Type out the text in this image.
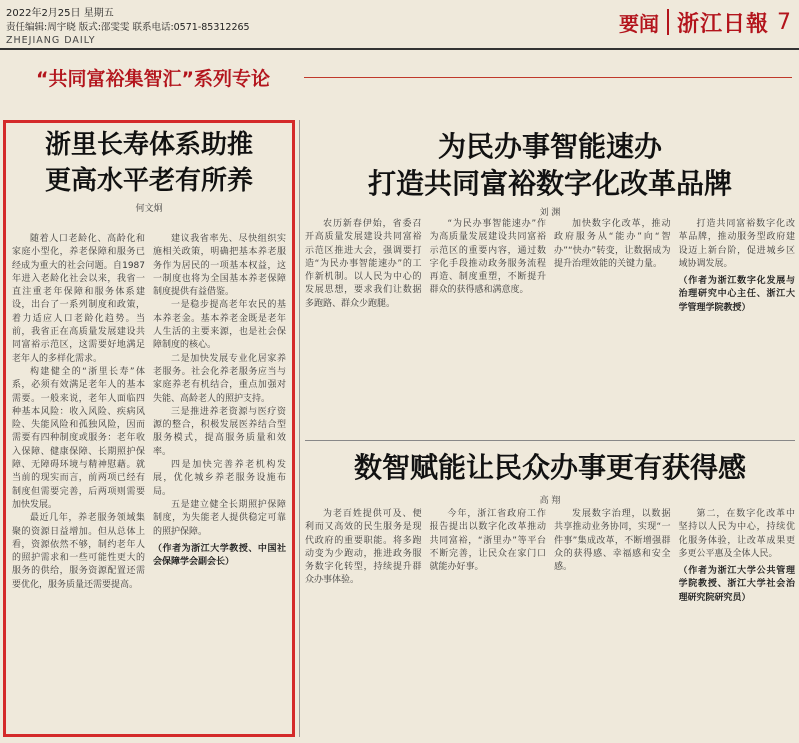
2022年2月25日 星期五
责任编辑:周宇晓 版式:邵雯雯 联系电话:0571-85312265
ZHEJIANG DAILY
要闻 浙江日報 7
“共同富裕集智汇”系列专论
浙里长寿体系助推
更高水平老有所养
何文炯

随着人口老龄化、高龄化和家庭小型化，养老保障和服务已经成为重大的社会问题。自1987年进入老龄化社会以来，我省一直注重老年保障和服务体系建设，出台了一系列制度和政策，着力适应人口老龄化趋势。当前，我省正在高质量发展建设共同富裕示范区，这需要好地满足老年人的多样化需求。

构建健全的“浙里长寿”体系，必须有效满足老年人的基本需要。一般来说，老年人面临四种基本风险：收入风险、疾病风险、失能风险和孤独风险，因而需要有四种制度或服务：老年收入保障、健康保障、长期照护保障、无障碍环境与精神慰藉。就当前的现实而言，前两项已经有制度但需要完善，后两项则需要加快发展。

最近几年，养老服务领域集聚的资源日益增加。但从总体上看，资源依然不够，制约老年人的照护需求和一些可能性更大的服务的供给，服务资源配置还需要优化，服务质量还需要提高。

建议我省率先、尽快组织实施相关政策，明确把基本养老服务作为居民的一项基本权益，这一制度也将为全国基本养老保障制度提供有益借鉴。

一是稳步提高老年农民的基本养老金。基本养老金既是老年人生活的主要来源，也是社会保障制度的核心。

二是加快发展专业化居家养老服务。社会化养老服务应当与家庭养老有机结合，重点加强对失能、高龄老人的照护支持。

三是推进养老资源与医疗资源的整合，积极发展医养结合型服务模式，提高服务质量和效率。

四是加快完善养老机构发展，优化城乡养老服务设施布局。

五是建立健全长期照护保障制度，为失能老人提供稳定可靠的照护保障。

（作者为浙江大学教授、中国社会保障学会副会长）

为民办事智能速办
打造共同富裕数字化改革品牌
刘 渊

农历新春伊始，省委召开高质量发展建设共同富裕示范区推进大会，强调要打造“为民办事智能速办”的工作新机制。以人民为中心的发展思想，要求我们让数据多跑路、群众少跑腿。

“为民办事智能速办”作为高质量发展建设共同富裕示范区的重要内容，通过数字化手段推动政务服务流程再造、制度重塑，不断提升群众的获得感和满意度。

加快数字化改革，推动政府服务从“能办”向“智办”“快办”转变，让数据成为提升治理效能的关键力量。

打造共同富裕数字化改革品牌，推动服务型政府建设迈上新台阶，促进城乡区域协调发展。

（作者为浙江数字化发展与治理研究中心主任、浙江大学管理学院教授）

数智赋能让民众办事更有获得感
高 翔

为老百姓提供可及、便利而又高效的民生服务是现代政府的重要职能。将多跑动变为少跑动，推进政务服务数字化转型，持续提升群众办事体验。

今年，浙江省政府工作报告提出以数字化改革推动共同富裕，“浙里办”等平台不断完善，让民众在家门口就能办好事。

发展数字治理，以数据共享推动业务协同，实现“一件事”集成改革，不断增强群众的获得感、幸福感和安全感。

第二，在数字化改革中坚持以人民为中心，持续优化服务体验，让改革成果更多更公平惠及全体人民。

（作者为浙江大学公共管理学院教授、浙江大学社会治理研究院研究员）
